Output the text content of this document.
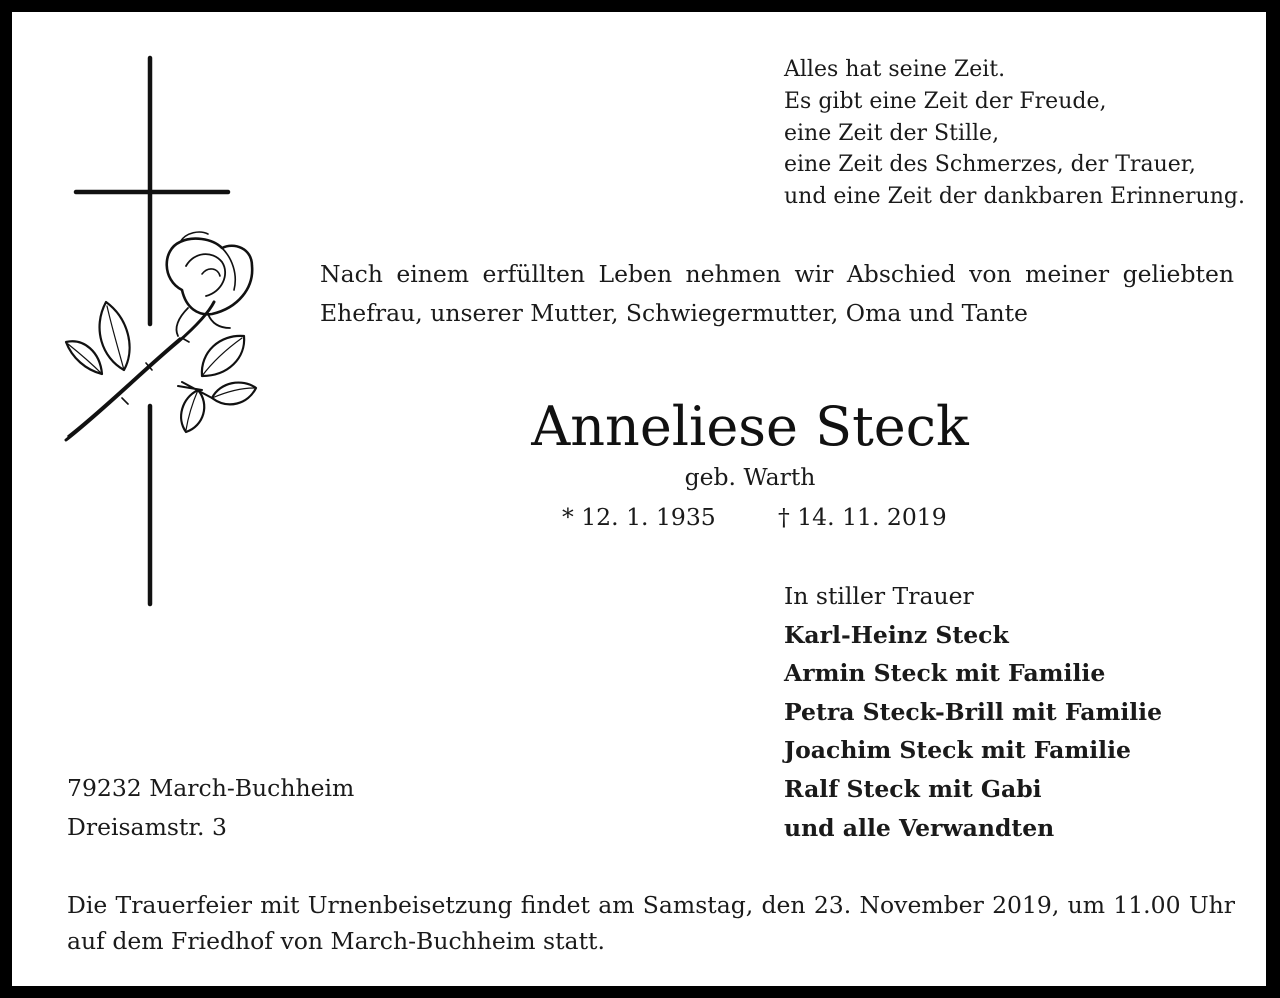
Alles hat seine Zeit.
Es gibt eine Zeit der Freude,
eine Zeit der Stille,
eine Zeit des Schmerzes, der Trauer,
und eine Zeit der dankbaren Erinnerung.
Nach einem erfüllten Leben nehmen wir Abschied von meiner geliebten
Ehefrau, unserer Mutter, Schwiegermutter, Oma und Tante
Anneliese Steck
geb. Warth
* 12. 1. 1935	† 14. 11. 2019
In stiller Trauer
Karl-Heinz Steck
Armin Steck mit Familie
Petra Steck-Brill mit Familie
Joachim Steck mit Familie
Ralf Steck mit Gabi
und alle Verwandten
79232 March-Buchheim
Dreisamstr. 3
Die Trauerfeier mit Urnenbeisetzung findet am Samstag, den 23. November 2019, um 11.00 Uhr
auf dem Friedhof von March-Buchheim statt.
